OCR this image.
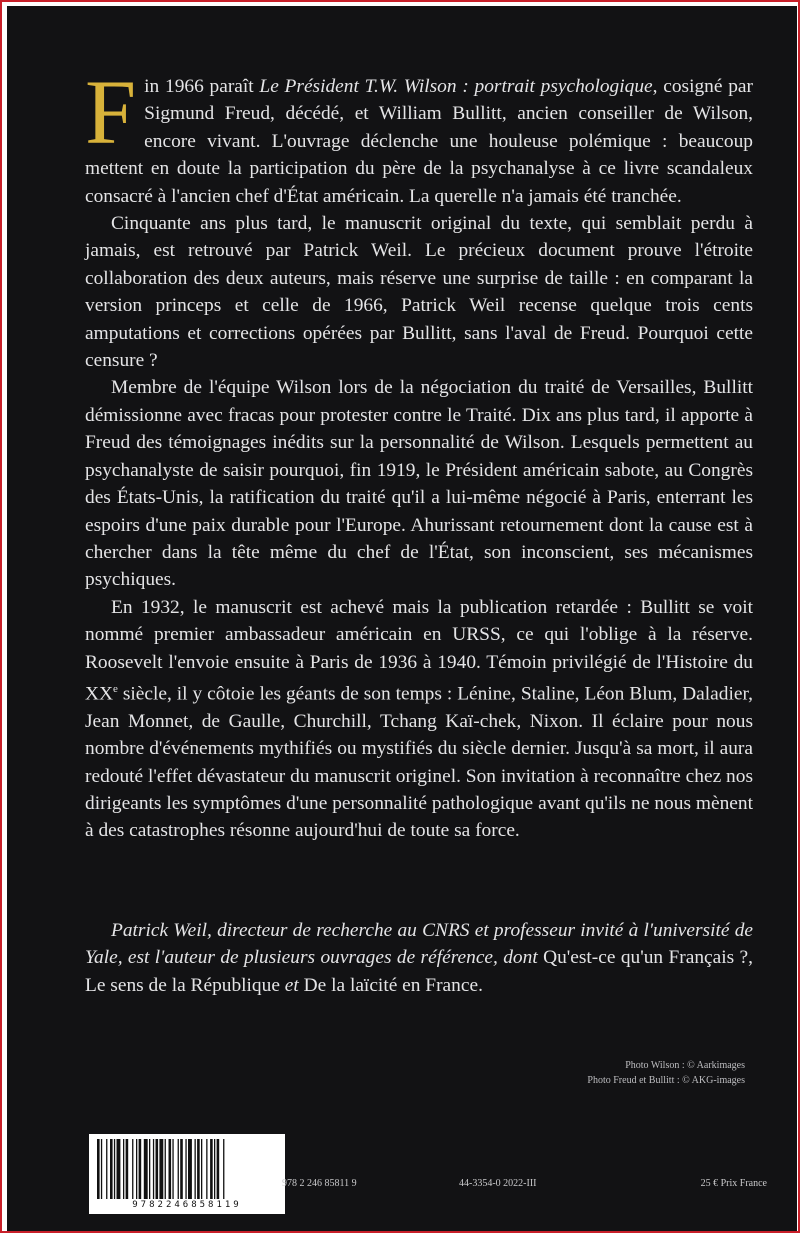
Fin 1966 paraît Le Président T.W. Wilson : portrait psychologique, cosigné par Sigmund Freud, décédé, et William Bullitt, ancien conseiller de Wilson, encore vivant. L'ouvrage déclenche une houleuse polémique : beaucoup mettent en doute la participation du père de la psychanalyse à ce livre scandaleux consacré à l'ancien chef d'État américain. La querelle n'a jamais été tranchée.

Cinquante ans plus tard, le manuscrit original du texte, qui semblait perdu à jamais, est retrouvé par Patrick Weil. Le précieux document prouve l'étroite collaboration des deux auteurs, mais réserve une surprise de taille : en comparant la version princeps et celle de 1966, Patrick Weil recense quelque trois cents amputations et corrections opérées par Bullitt, sans l'aval de Freud. Pourquoi cette censure ?

Membre de l'équipe Wilson lors de la négociation du traité de Versailles, Bullitt démissionne avec fracas pour protester contre le Traité. Dix ans plus tard, il apporte à Freud des témoignages inédits sur la personnalité de Wilson. Lesquels permettent au psychanalyste de saisir pourquoi, fin 1919, le Président américain sabote, au Congrès des États-Unis, la ratification du traité qu'il a lui-même négocié à Paris, enterrant les espoirs d'une paix durable pour l'Europe. Ahurissant retournement dont la cause est à chercher dans la tête même du chef de l'État, son inconscient, ses mécanismes psychiques.

En 1932, le manuscrit est achevé mais la publication retardée : Bullitt se voit nommé premier ambassadeur américain en URSS, ce qui l'oblige à la réserve. Roosevelt l'envoie ensuite à Paris de 1936 à 1940. Témoin privilégié de l'Histoire du XXe siècle, il y côtoie les géants de son temps : Lénine, Staline, Léon Blum, Daladier, Jean Monnet, de Gaulle, Churchill, Tchang Kaï-chek, Nixon. Il éclaire pour nous nombre d'événements mythifiés ou mystifiés du siècle dernier. Jusqu'à sa mort, il aura redouté l'effet dévastateur du manuscrit originel. Son invitation à reconnaître chez nos dirigeants les symptômes d'une personnalité pathologique avant qu'ils ne nous mènent à des catastrophes résonne aujourd'hui de toute sa force.

Patrick Weil, directeur de recherche au CNRS et professeur invité à l'université de Yale, est l'auteur de plusieurs ouvrages de référence, dont Qu'est-ce qu'un Français ?, Le sens de la République et De la laïcité en France.

Photo Wilson : © Aarkimages
Photo Freud et Bullitt : © AKG-images
9782246858119
978 2 246 85811 9	44-3354-0 2022-III	25 € Prix France
